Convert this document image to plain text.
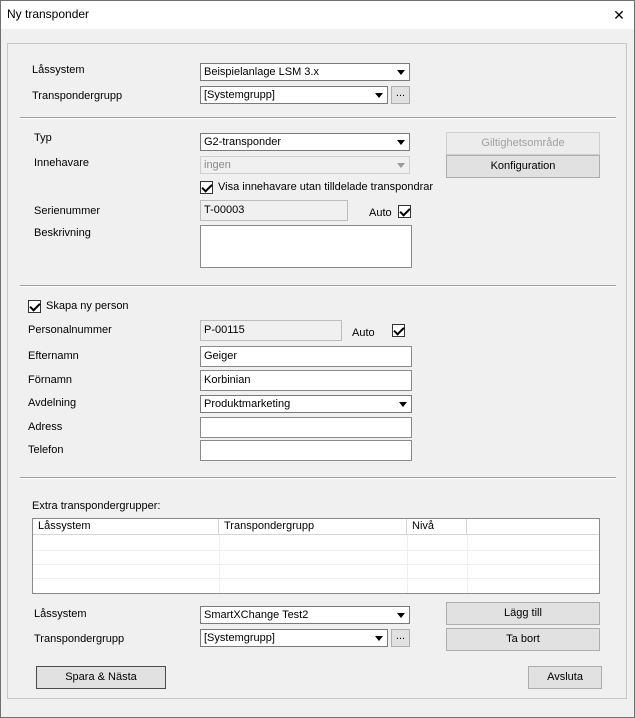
Ny transponder	✕
Låssystem	Beispielanlage LSM 3.x
Transpondergrupp	[Systemgrupp]	...
Typ	G2-transponder	Giltighetsområde
Innehavare	ingen	Konfiguration
Visa innehavare utan tilldelade transpondrar
Serienummer	T-00003	Auto
Beskrivning
Skapa ny person
Personalnummer	P-00115	Auto
Efternamn	Geiger
Förnamn	Korbinian
Avdelning	Produktmarketing
Adress
Telefon
Extra transpondergrupper:
Låssystem	Transpondergrupp	Nivå
Låssystem	SmartXChange Test2	Lägg till
Transpondergrupp	[Systemgrupp]	...	Ta bort
Spara & Nästa	Avsluta
